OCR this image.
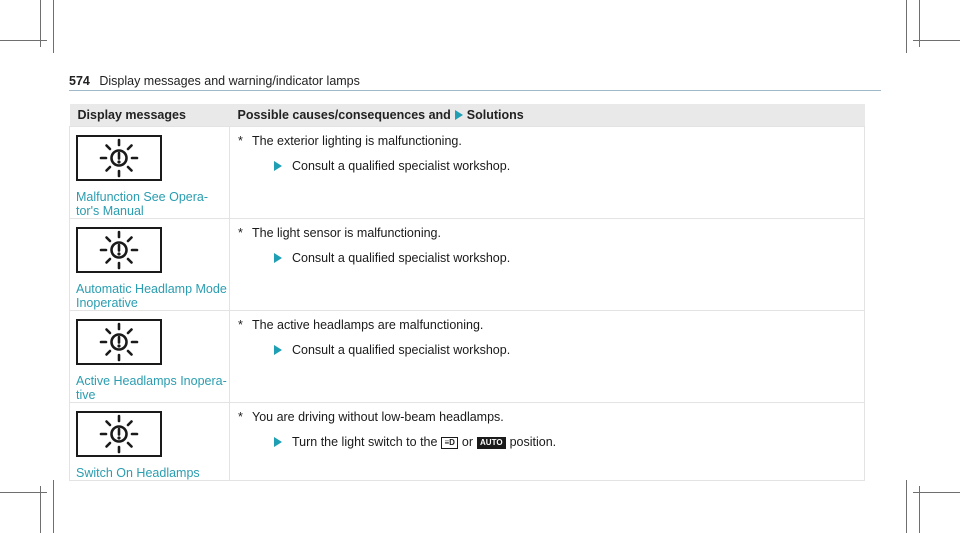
574 Display messages and warning/indicator lamps
Display messages	Possible causes/consequences and Solutions

Malfunction See Opera- tor's Manual	* The exterior lighting is malfunctioning.
Consult a qualified specialist workshop.

Automatic Headlamp Mode Inoperative	* The light sensor is malfunctioning.
Consult a qualified specialist workshop.

Active Headlamps Inopera- tive	* The active headlamps are malfunctioning.
Consult a qualified specialist workshop.

Switch On Headlamps	* You are driving without low-beam headlamps.
Turn the light switch to the ≡D or AUTO position.
